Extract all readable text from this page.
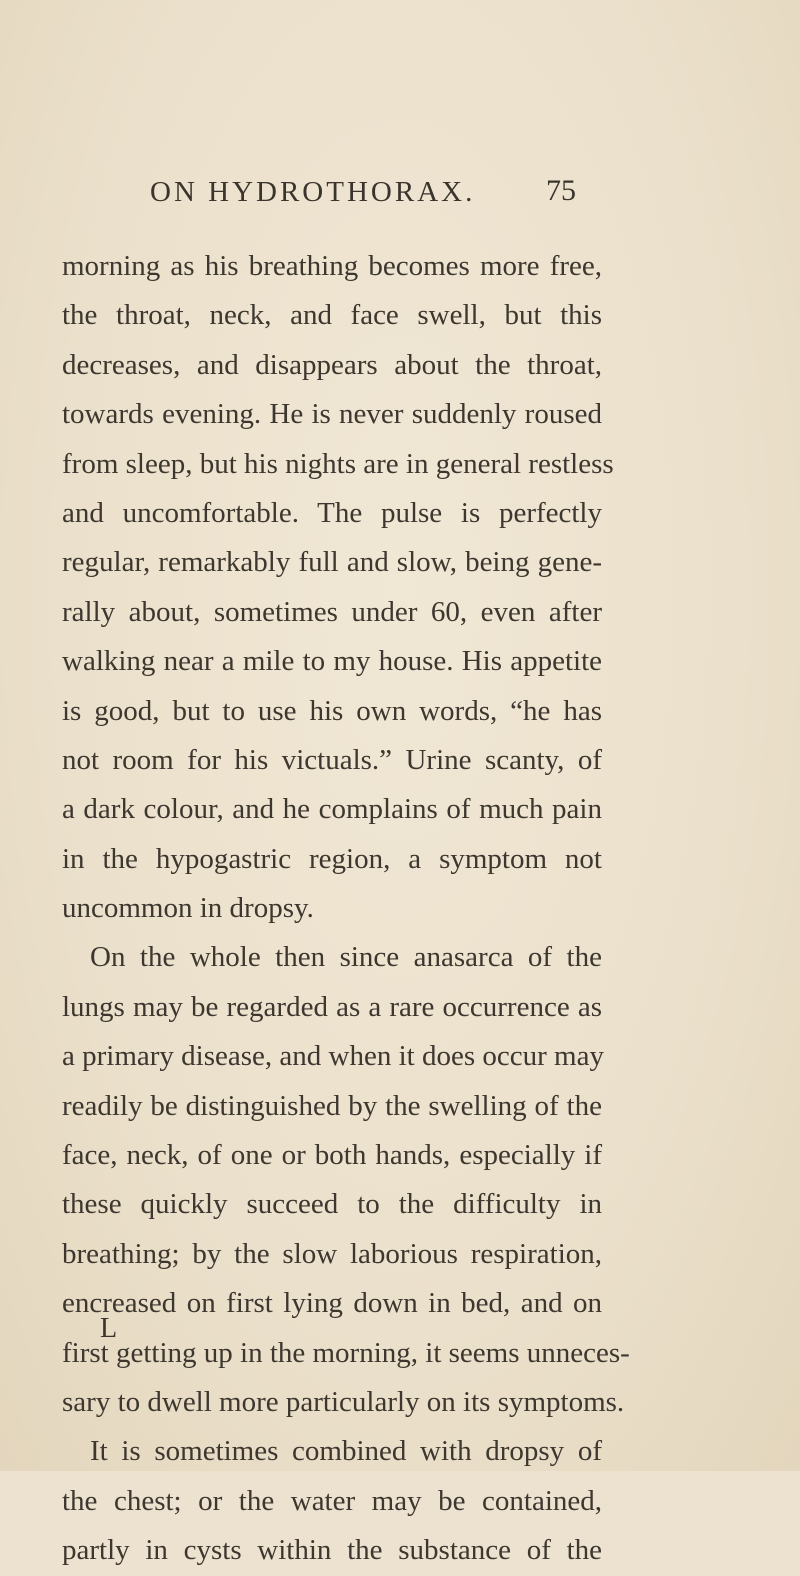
ON HYDROTHORAX. 75
morning as his breathing becomes more free,
the throat, neck, and face swell, but this
decreases, and disappears about the throat,
towards evening. He is never suddenly roused
from sleep, but his nights are in general restless
and uncomfortable. The pulse is perfectly
regular, remarkably full and slow, being gene-
rally about, sometimes under 60, even after
walking near a mile to my house. His appetite
is good, but to use his own words, “he has
not room for his victuals.” Urine scanty, of
a dark colour, and he complains of much pain
in the hypogastric region, a symptom not
uncommon in dropsy.
On the whole then since anasarca of the
lungs may be regarded as a rare occurrence as
a primary disease, and when it does occur may
readily be distinguished by the swelling of the
face, neck, of one or both hands, especially if
these quickly succeed to the difficulty in
breathing; by the slow laborious respiration,
encreased on first lying down in bed, and on
first getting up in the morning, it seems unneces-
sary to dwell more particularly on its symptoms.
It is sometimes combined with dropsy of
the chest; or the water may be contained,
partly in cysts within the substance of the
L
